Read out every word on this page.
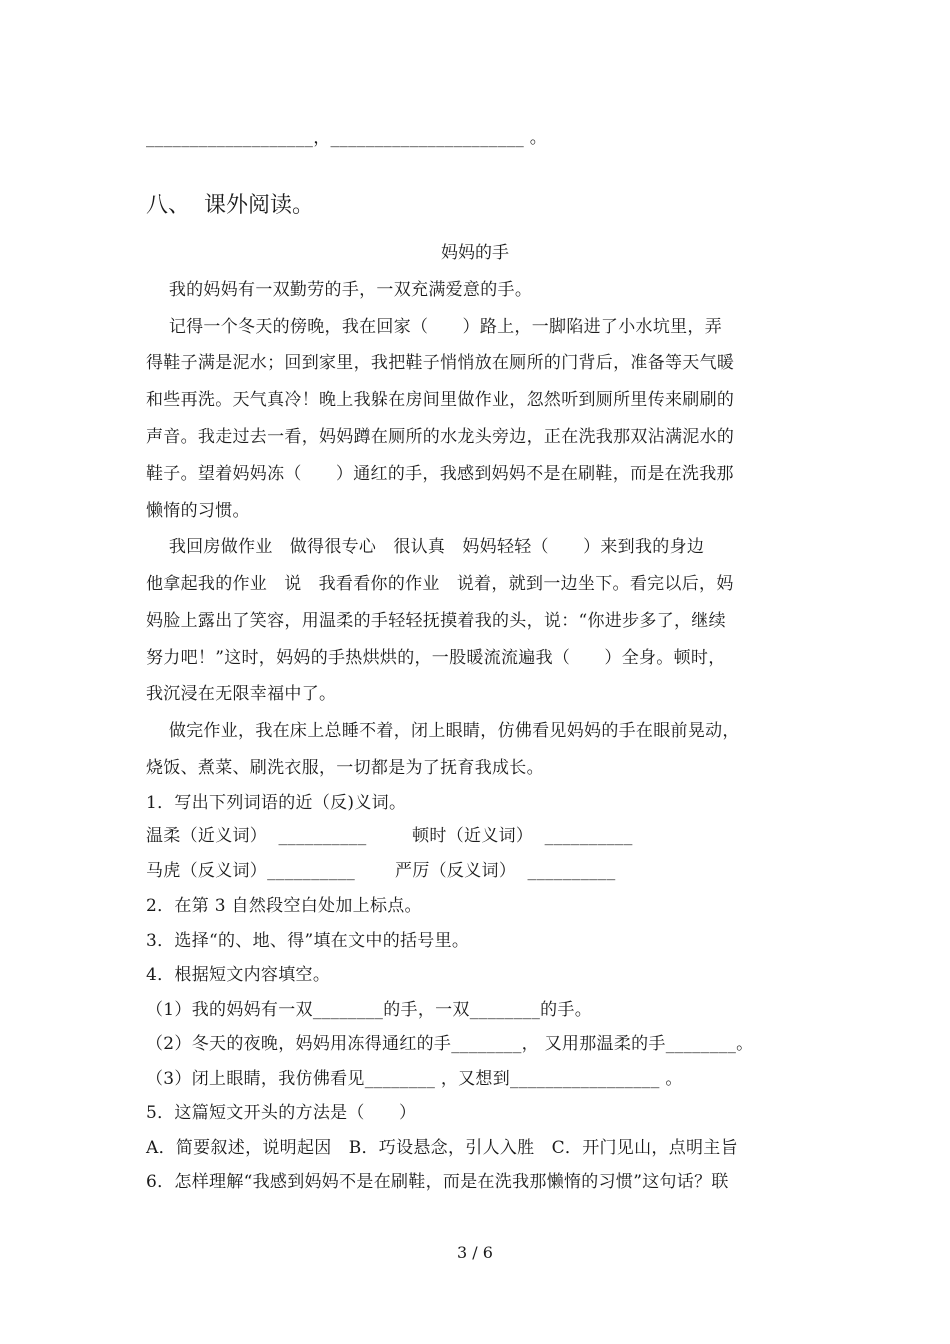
___________________，______________________ 。
八、  课外阅读。
妈妈的手
我的妈妈有一双勤劳的手，一双充满爱意的手。
记得一个冬天的傍晚，我在回家（      ）路上，一脚陷进了小水坑里，弄
得鞋子满是泥水；回到家里，我把鞋子悄悄放在厕所的门背后，准备等天气暖
和些再洗。天气真冷！晚上我躲在房间里做作业，忽然听到厕所里传来刷刷的
声音。我走过去一看，妈妈蹲在厕所的水龙头旁边，正在洗我那双沾满泥水的
鞋子。望着妈妈冻（      ）通红的手，我感到妈妈不是在刷鞋，而是在洗我那
懒惰的习惯。
我回房做作业   做得很专心   很认真   妈妈轻轻（      ）来到我的身边
他拿起我的作业   说   我看看你的作业   说着，就到一边坐下。看完以后，妈
妈脸上露出了笑容，用温柔的手轻轻抚摸着我的头，说：“你进步多了，继续
努力吧！”这时，妈妈的手热烘烘的，一股暖流流遍我（      ）全身。顿时，
我沉浸在无限幸福中了。
做完作业，我在床上总睡不着，闭上眼睛，仿佛看见妈妈的手在眼前晃动，
烧饭、煮菜、刷洗衣服，一切都是为了抚育我成长。
1．写出下列词语的近（反)义词。
温柔（近义词）  __________        顿时（近义词）  __________
马虎（反义词）__________       严厉（反义词）  __________
2．在第 3 自然段空白处加上标点。
3．选择“的、地、得”填在文中的括号里。
4．根据短文内容填空。
（1）我的妈妈有一双________的手，一双________的手。
（2）冬天的夜晚，妈妈用冻得通红的手________， 又用那温柔的手________。
（3）闭上眼睛，我仿佛看见________ ，又想到_________________ 。
5．这篇短文开头的方法是（      ）
A．简要叙述，说明起因   B．巧设悬念，引人入胜   C．开门见山，点明主旨
6．怎样理解“我感到妈妈不是在刷鞋，而是在洗我那懒惰的习惯”这句话？联
3 / 6
